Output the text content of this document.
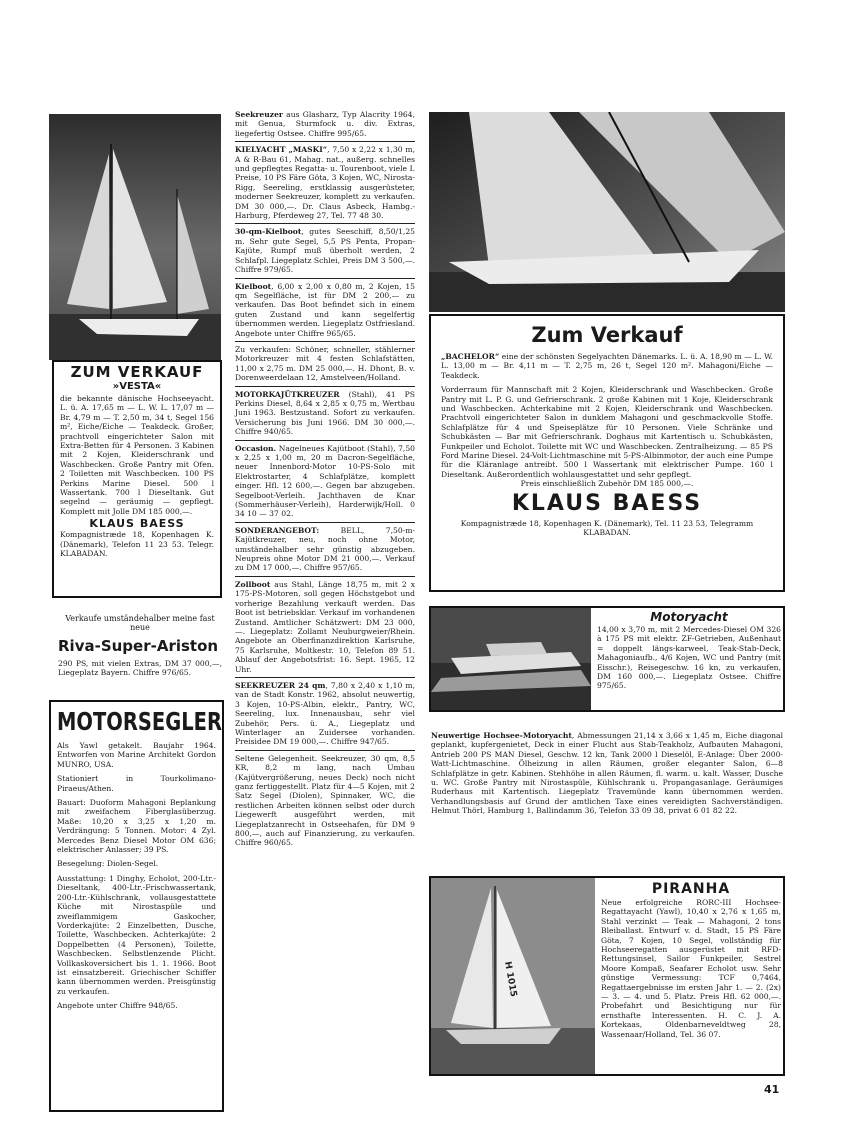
ZUM VERKAUF
»VESTA«

die bekannte dänische Hochseeyacht. L. ü. A. 17,65 m — L. W. L. 17,07 m — Br. 4,79 m — T. 2,50 m, 34 t, Segel 156 m², Eiche/Eiche — Teakdeck. Großer, prachtvoll eingerichteter Salon mit Extra-Betten für 4 Personen. 3 Kabinen mit 2 Kojen, Kleiderschrank und Waschbecken. Große Pantry mit Ofen. 2 Toiletten mit Waschbecken. 100 PS Perkins Marine Diesel. 500 l Wassertank. 700 l Dieseltank. Gut segelnd — geräumig — gepflegt. Komplett mit Jolle DM 185 000,—.

KLAUS BAESS

Kompagnistræde 18, Kopenhagen K. (Dänemark), Telefon 11 23 53. Telegr. KLABADAN.

Verkaufe umständehalber meine fast neue

Riva-Super-Ariston

290 PS, mit vielen Extras, DM 37 000,—, Liegeplatz Bayern. Chiffre 976/65.

MOTORSEGLER

Als Yawl getakelt. Baujahr 1964. Entworfen von Marine Architekt Gordon MUNRO, USA.

Stationiert in Tourkolimano-Piraeus/Athen.

Bauart: Duoform Mahagoni Beplankung mit zweifachem Fiberglasüberzug. Maße: 10,20 x 3,25 x 1,20 m. Verdrängung: 5 Tonnen. Motor: 4 Zyl. Mercedes Benz Diesel Motor OM 636; elektrischer Anlasser; 39 PS.

Besegelung: Diolen-Segel.

Ausstattung: 1 Dinghy, Echolot, 200-Ltr.-Dieseltank, 400-Ltr.-Frischwassertank, 200-Ltr.-Kühlschrank, vollausgestattete Küche mit Nirostaspüle und zweiflammigem Gaskocher, Vorderkajüte: 2 Einzelbetten, Dusche, Toilette, Waschbecken. Achterkajüte: 2 Doppelbetten (4 Personen), Toilette, Waschbecken. Selbstlenzende Plicht. Vollkaskoversichert bis 1. 1. 1966. Boot ist einsatzbereit. Griechischer Schiffer kann übernommen werden. Preisgünstig zu verkaufen.

Angebote unter Chiffre 948/65.

Seekreuzer aus Glasharz, Typ Alacrity 1964, mit Genua, Sturmfock u. div. Extras, liegefertig Ostsee. Chiffre 995/65.

KIELYACHT „MASKI“, 7,50 x 2,22 x 1,30 m, A & R-Bau 61, Mahag. nat., außerg. schnelles und gepflegtes Regatta- u. Tourenboot, viele I. Preise, 10 PS Färe Göta, 3 Kojen, WC, Nirosta-Rigg, Seereling, erstklassig ausgerüsteter, moderner Seekreuzer, komplett zu verkaufen. DM 30 000,—. Dr. Claus Asbeck, Hambg.-Harburg, Pferdeweg 27, Tel. 77 48 30.

30-qm-Kielboot, gutes Seeschiff, 8,50/1,25 m. Sehr gute Segel, 5,5 PS Penta, Propan-Kajüte, Rumpf muß überholt werden, 2 Schlafpl. Liegeplatz Schlei, Preis DM 3 500,—. Chiffre 979/65.

Kielboot, 6,00 x 2,00 x 0,80 m, 2 Kojen, 15 qm Segelfläche, ist für DM 2 200,— zu verkaufen. Das Boot befindet sich in einem guten Zustand und kann segelfertig übernommen werden. Liegeplatz Ostfriesland. Angebote unter Chiffre 965/65.

Zu verkaufen: Schöner, schneller, stählerner Motorkreuzer mit 4 festen Schlafstätten, 11,00 x 2,75 m. DM 25 000,—. H. Dhont, B. v. Dorenweerdelaan 12, Amstelveen/Holland.

MOTORKAJÜTKREUZER (Stahl), 41 PS Perkins Diesel, 8,64 x 2,85 x 0,75 m, Wertbau Juni 1963. Bestzustand. Sofort zu verkaufen. Versicherung bis Juni 1966. DM 30 000,—. Chiffre 940/65.

Occasion. Nagelneues Kajütboot (Stahl), 7,50 x 2,25 x 1,00 m, 20 m Dacron-Segelfläche, neuer Innenbord-Motor 10-PS-Solo mit Elektrostarter, 4 Schlafplätze, komplett einger. Hfl. 12 600,—. Gegen bar abzugeben. Segelboot-Verleih. Jachthaven de Knar (Sommerhäuser-Verleih), Harderwijk/Holl. 0 34 10 — 37 02.

SONDERANGEBOT: BELL, 7,50-m-Kajütkreuzer, neu, noch ohne Motor, umständehalber sehr günstig abzugeben. Neupreis ohne Motor DM 21 000,—. Verkauf zu DM 17 000,—. Chiffre 957/65.

Zollboot aus Stahl, Länge 18,75 m, mit 2 x 175-PS-Motoren, soll gegen Höchstgebot und vorherige Bezahlung verkauft werden. Das Boot ist betriebsklar. Verkauf im vorhandenen Zustand. Amtlicher Schätzwert: DM 23 000,—. Liegeplatz: Zollamt Neuburgweier/Rhein. Angebote an Oberfinanzdirektion Karlsruhe, 75 Karlsruhe, Moltkestr. 10, Telefon 89 51. Ablauf der Angebotsfrist: 16. Sept. 1965, 12 Uhr.

SEEKREUZER 24 qm, 7,80 x 2,40 x 1,10 m, van de Stadt Konstr. 1962, absolut neuwertig, 3 Kojen, 10-PS-Albin, elektr., Pantry, WC, Seereling, lux. Innenausbau, sehr viel Zubehör, Pers. ü. A., Liegeplatz und Winterlager an Zuidersee vorhanden. Preisidee DM 19 000,—. Chiffre 947/65.

Seltene Gelegenheit. Seekreuzer, 30 qm, 8,5 KR, 8,2 m lang, nach Umbau (Kajütvergrößerung, neues Deck) noch nicht ganz fertiggestellt. Platz für 4—5 Kojen, mit 2 Satz Segel (Diolen), Spinnaker, WC, die restlichen Arbeiten können selbst oder durch Liegewerft ausgeführt werden, mit Liegeplatzanrecht in Ostseehafen, für DM 9 800,—, auch auf Finanzierung, zu verkaufen. Chiffre 960/65.

Zum Verkauf

„BACHELOR“ eine der schönsten Segelyachten Dänemarks. L. ü. A. 18,90 m — L. W. L. 13,00 m — Br. 4,11 m — T. 2,75 m, 26 t, Segel 120 m². Mahagoni/Eiche — Teakdeck.

Vorderraum für Mannschaft mit 2 Kojen, Kleiderschrank und Waschbecken. Große Pantry mit L. P. G. und Gefrierschrank. 2 große Kabinen mit 1 Koje, Kleiderschrank und Waschbecken. Achterkabine mit 2 Kojen, Kleiderschrank und Waschbecken. Prachtvoll eingerichteter Salon in dunklem Mahagoni und geschmackvolle Stoffe. Schlafplätze für 4 und Speiseplätze für 10 Personen. Viele Schränke und Schubkästen — Bar mit Gefrierschrank. Doghaus mit Kartentisch u. Schubkästen, Funkpeiler und Echolot. Toilette mit WC und Waschbecken. Zentralheizung. — 85 PS Ford Marine Diesel. 24-Volt-Lichtmaschine mit 5-PS-Albinmotor, der auch eine Pumpe für die Kläranlage antreibt. 500 l Wassertank mit elektrischer Pumpe. 160 l Dieseltank. Außerordentlich wohlausgestattet und sehr gepflegt.

Preis einschließlich Zubehör DM 185 000,—.

KLAUS BAESS

Kompagnistræde 18, Kopenhagen K. (Dänemark), Tel. 11 23 53, Telegramm KLABADAN.

Motoryacht

14,00 x 3,70 m, mit 2 Mercedes-Diesel OM 326 à 175 PS mit elektr. ZF-Getrieben, Außenhaut = doppelt längs-karweel, Teak-Stab-Deck, Mahagoniaufb., 4/6 Kojen, WC und Pantry (mit Eisschr.), Reisegeschw. 16 kn, zu verkaufen, DM 160 000,—. Liegeplatz Ostsee. Chiffre 975/65.

Neuwertige Hochsee-Motoryacht, Abmessungen 21,14 x 3,66 x 1,45 m, Eiche diagonal geplankt, kupfergenietet, Deck in einer Flucht aus Stab-Teakholz, Aufbauten Mahagoni, Antrieb 200 PS MAN Diesel, Geschw. 12 kn, Tank 2000 l Dieselöl, E-Anlage: Über 2000-Watt-Lichtmaschine. Ölheizung in allen Räumen, großer eleganter Salon, 6—8 Schlafplätze in getr. Kabinen. Stehhöhe in allen Räumen, fl. warm. u. kalt. Wasser, Dusche u. WC. Große Pantry mit Nirostaspüle, Kühlschrank u. Propangasanlage. Geräumiges Ruderhaus mit Kartentisch. Liegeplatz Travemünde kann übernommen werden. Verhandlungsbasis auf Grund der amtlichen Taxe eines vereidigten Sachverständigen. Helmut Thörl, Hamburg 1, Ballindamm 36, Telefon 33 09 38, privat 6 01 82 22.

H 1015
PIRANHA

Neue erfolgreiche RORC-III Hochsee-Regattayacht (Yawl), 10,40 x 2,76 x 1,65 m, Stahl verzinkt — Teak — Mahagoni, 2 tons Bleiballast. Entwurf v. d. Stadt, 15 PS Färe Göta, 7 Kojen, 10 Segel, vollständig für Hochseeregatten ausgerüstet mit RFD-Rettungsinsel, Sailor Funkpeiler, Sestrel Moore Kompaß, Seafarer Echolot usw. Sehr günstige Vermessung: TCF 0,7464, Regattaergebnisse im ersten Jahr 1. — 2. (2x) — 3. — 4. und 5. Platz. Preis Hfl. 62 000,—. Probefahrt und Besichtigung nur für ernsthafte Interessenten. H. C. J. A. Kortekaas, Oldenbarneveldtweg 28, Wassenaar/Holland, Tel. 36 07.

41
